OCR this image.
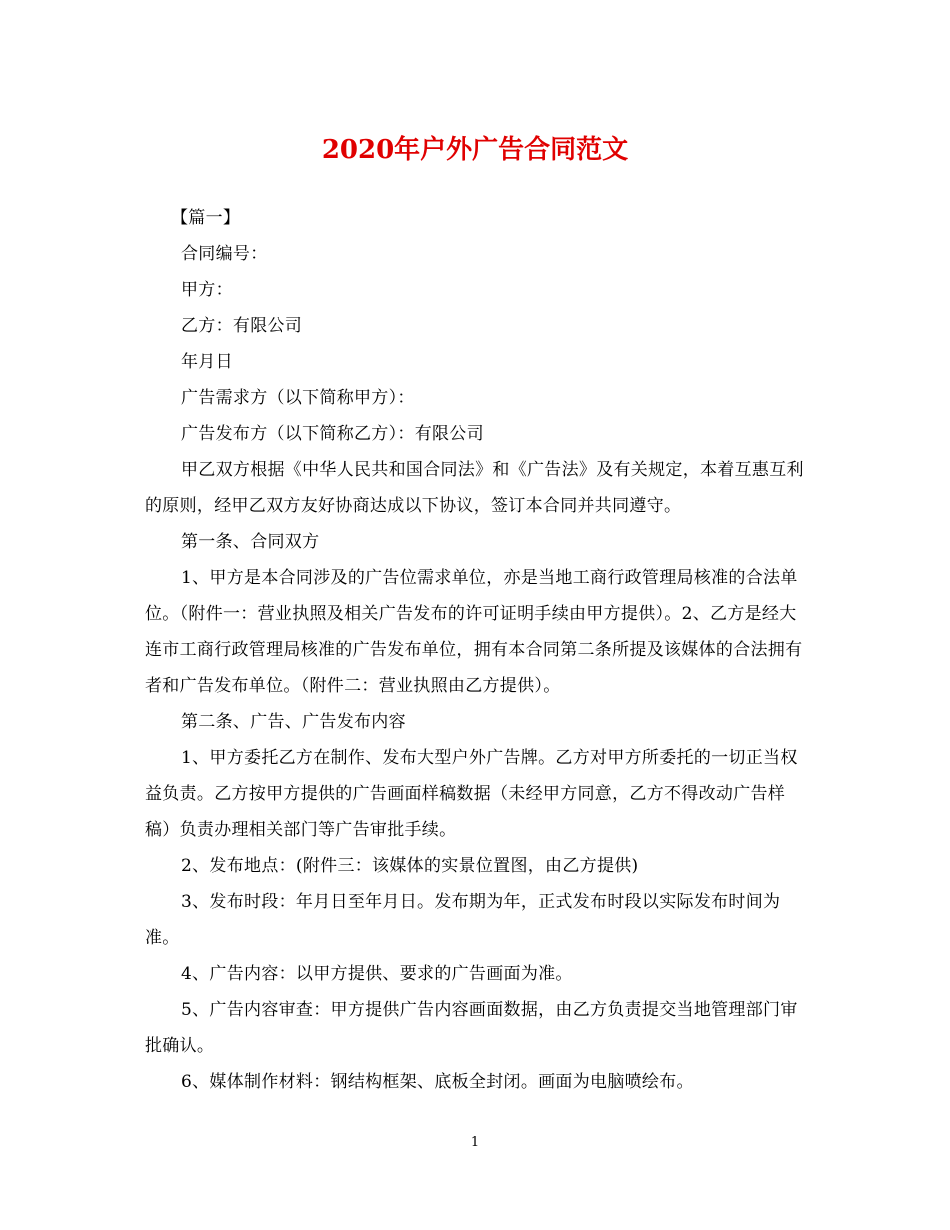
2020年户外广告合同范文

【篇一】

合同编号：

甲方：

乙方：有限公司

年月日

广告需求方（以下简称甲方）：

广告发布方（以下简称乙方）：有限公司

甲乙双方根据《中华人民共和国合同法》和《广告法》及有关规定，本着互惠互利的原则，经甲乙双方友好协商达成以下协议，签订本合同并共同遵守。

第一条、合同双方

1、甲方是本合同涉及的广告位需求单位，亦是当地工商行政管理局核准的合法单位。（附件一：营业执照及相关广告发布的许可证明手续由甲方提供）。2、乙方是经大连市工商行政管理局核准的广告发布单位，拥有本合同第二条所提及该媒体的合法拥有者和广告发布单位。（附件二：营业执照由乙方提供）。

第二条、广告、广告发布内容

1、甲方委托乙方在制作、发布大型户外广告牌。乙方对甲方所委托的一切正当权益负责。乙方按甲方提供的广告画面样稿数据（未经甲方同意，乙方不得改动广告样稿）负责办理相关部门等广告审批手续。

2、发布地点：(附件三：该媒体的实景位置图，由乙方提供)

3、发布时段：年月日至年月日。发布期为年，正式发布时段以实际发布时间为准。

4、广告内容：以甲方提供、要求的广告画面为准。

5、广告内容审查：甲方提供广告内容画面数据，由乙方负责提交当地管理部门审批确认。

6、媒体制作材料：钢结构框架、底板全封闭。画面为电脑喷绘布。

1
